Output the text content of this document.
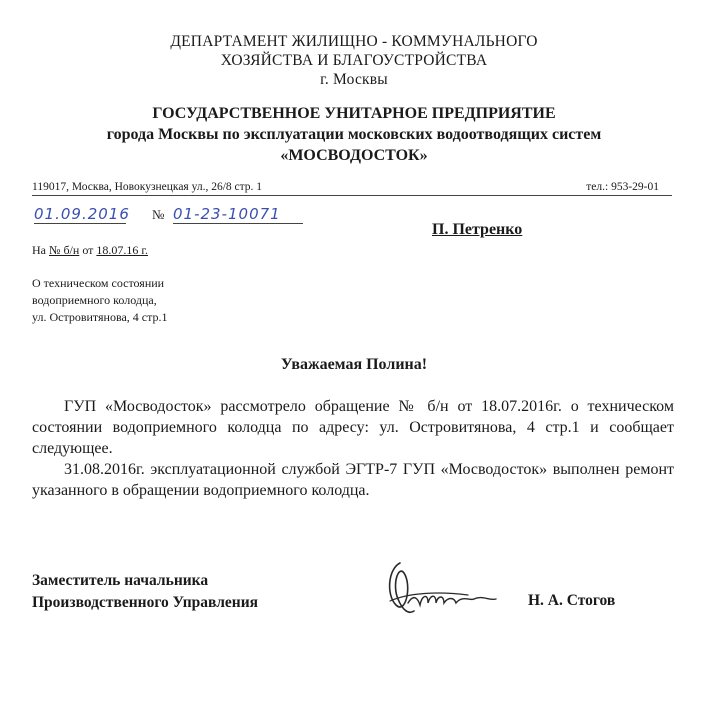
ДЕПАРТАМЕНТ ЖИЛИЩНО - КОММУНАЛЬНОГО
ХОЗЯЙСТВА И БЛАГОУСТРОЙСТВА
г. Москвы
ГОСУДАРСТВЕННОЕ УНИТАРНОЕ ПРЕДПРИЯТИЕ
города Москвы по эксплуатации московских водоотводящих систем
«МОСВОДОСТОК»
119017, Москва, Новокузнецкая ул., 26/8 стр. 1	тел.: 953-29-01
01.09.2016 № 01-23-10071
П. Петренко
На № б/н от 18.07.16 г.
О техническом состоянии
водоприемного колодца,
ул. Островитянова, 4 стр.1
Уважаемая Полина!

ГУП «Мосводосток» рассмотрело обращение № б/н от 18.07.2016г. о техническом состоянии водоприемного колодца по адресу: ул. Островитянова, 4 стр.1 и сообщает следующее.

31.08.2016г. эксплуатационной службой ЭГТР-7 ГУП «Мосводосток» выполнен ремонт указанного в обращении водоприемного колодца.

Заместитель начальника
Производственного Управления	Н. А. Стогов
